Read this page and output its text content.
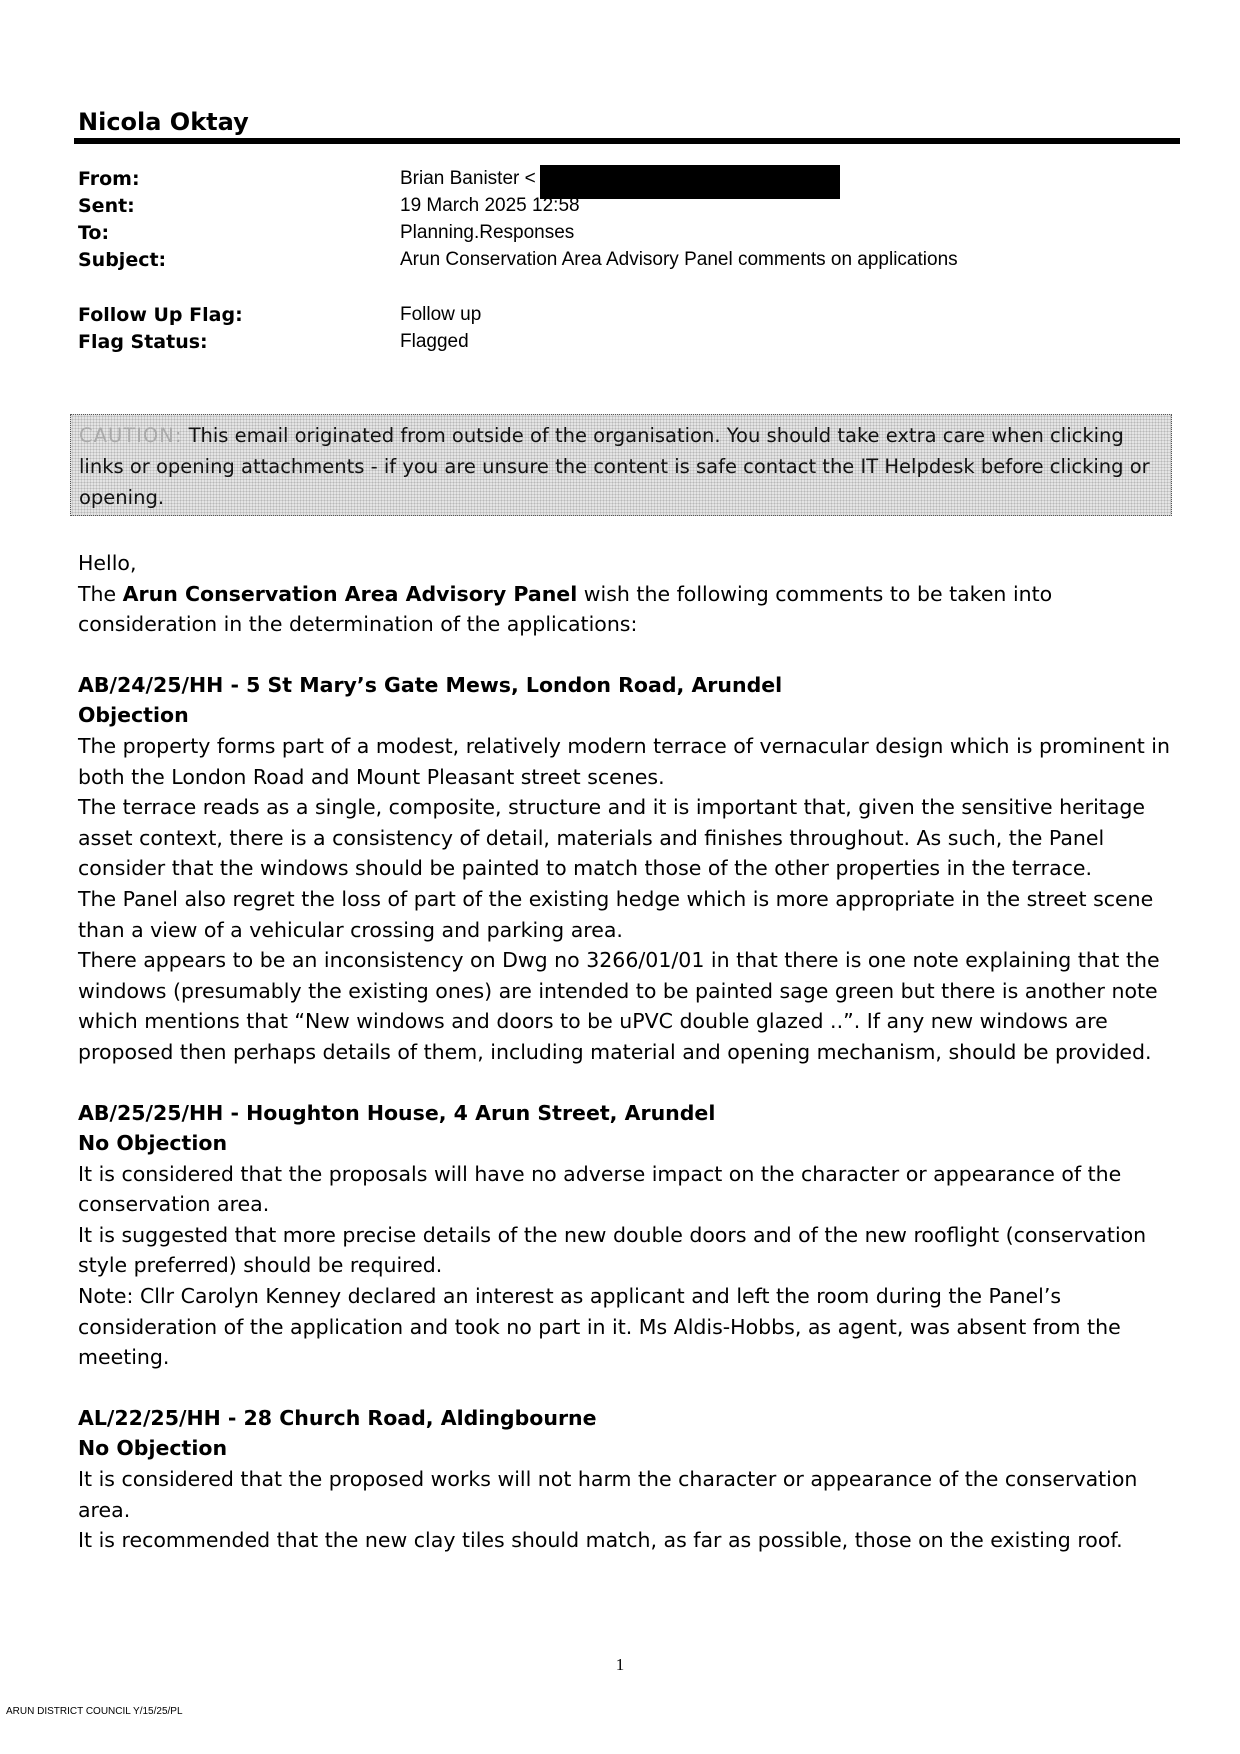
Nicola Oktay
From:	Brian Banister <
Sent:	19 March 2025 12:58
To:	Planning.Responses
Subject:	Arun Conservation Area Advisory Panel comments on applications
Follow Up Flag:	Follow up
Flag Status:	Flagged
CAUTION: This email originated from outside of the organisation. You should take extra care when clicking links or opening attachments - if you are unsure the content is safe contact the IT Helpdesk before clicking or opening.

Hello,

The Arun Conservation Area Advisory Panel wish the following comments to be taken into consideration in the determination of the applications:

AB/24/25/HH - 5 St Mary’s Gate Mews, London Road, Arundel

Objection

The property forms part of a modest, relatively modern terrace of vernacular design which is prominent in both the London Road and Mount Pleasant street scenes.

The terrace reads as a single, composite, structure and it is important that, given the sensitive heritage asset context, there is a consistency of detail, materials and finishes throughout. As such, the Panel consider that the windows should be painted to match those of the other properties in the terrace.

The Panel also regret the loss of part of the existing hedge which is more appropriate in the street scene than a view of a vehicular crossing and parking area.

There appears to be an inconsistency on Dwg no 3266/01/01 in that there is one note explaining that the windows (presumably the existing ones) are intended to be painted sage green but there is another note which mentions that “New windows and doors to be uPVC double glazed ..”. If any new windows are proposed then perhaps details of them, including material and opening mechanism, should be provided.

AB/25/25/HH - Houghton House, 4 Arun Street, Arundel

No Objection

It is considered that the proposals will have no adverse impact on the character or appearance of the conservation area.

It is suggested that more precise details of the new double doors and of the new rooflight (conservation style preferred) should be required.

Note: Cllr Carolyn Kenney declared an interest as applicant and left the room during the Panel’s consideration of the application and took no part in it. Ms Aldis-Hobbs, as agent, was absent from the meeting.

AL/22/25/HH - 28 Church Road, Aldingbourne

No Objection

It is considered that the proposed works will not harm the character or appearance of the conservation area.

It is recommended that the new clay tiles should match, as far as possible, those on the existing roof.

1
ARUN DISTRICT COUNCIL Y/15/25/PL
